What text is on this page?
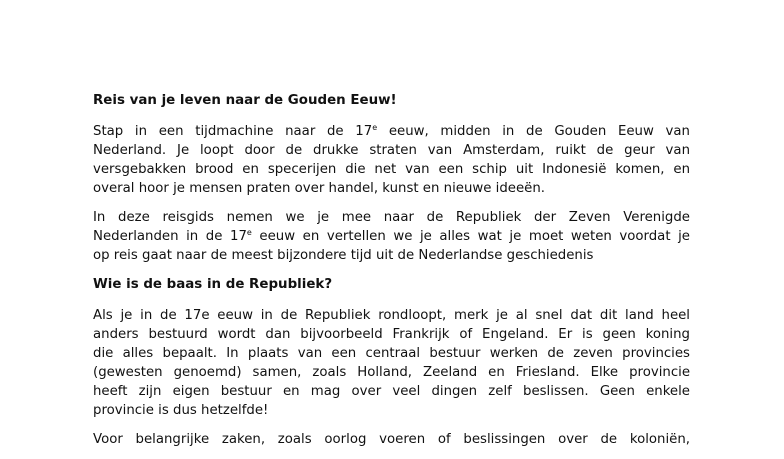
Reis van je leven naar de Gouden Eeuw!
Stap in een tijdmachine naar de 17e eeuw, midden in de Gouden Eeuw van
Nederland. Je loopt door de drukke straten van Amsterdam, ruikt de geur van
versgebakken brood en specerijen die net van een schip uit Indonesië komen, en
overal hoor je mensen praten over handel, kunst en nieuwe ideeën.
In deze reisgids nemen we je mee naar de Republiek der Zeven Verenigde
Nederlanden in de 17e eeuw en vertellen we je alles wat je moet weten voordat je
op reis gaat naar de meest bijzondere tijd uit de Nederlandse geschiedenis
Wie is de baas in de Republiek?
Als je in de 17e eeuw in de Republiek rondloopt, merk je al snel dat dit land heel
anders bestuurd wordt dan bijvoorbeeld Frankrijk of Engeland. Er is geen koning
die alles bepaalt. In plaats van een centraal bestuur werken de zeven provincies
(gewesten genoemd) samen, zoals Holland, Zeeland en Friesland. Elke provincie
heeft zijn eigen bestuur en mag over veel dingen zelf beslissen. Geen enkele
provincie is dus hetzelfde!
Voor belangrijke zaken, zoals oorlog voeren of beslissingen over de koloniën,
